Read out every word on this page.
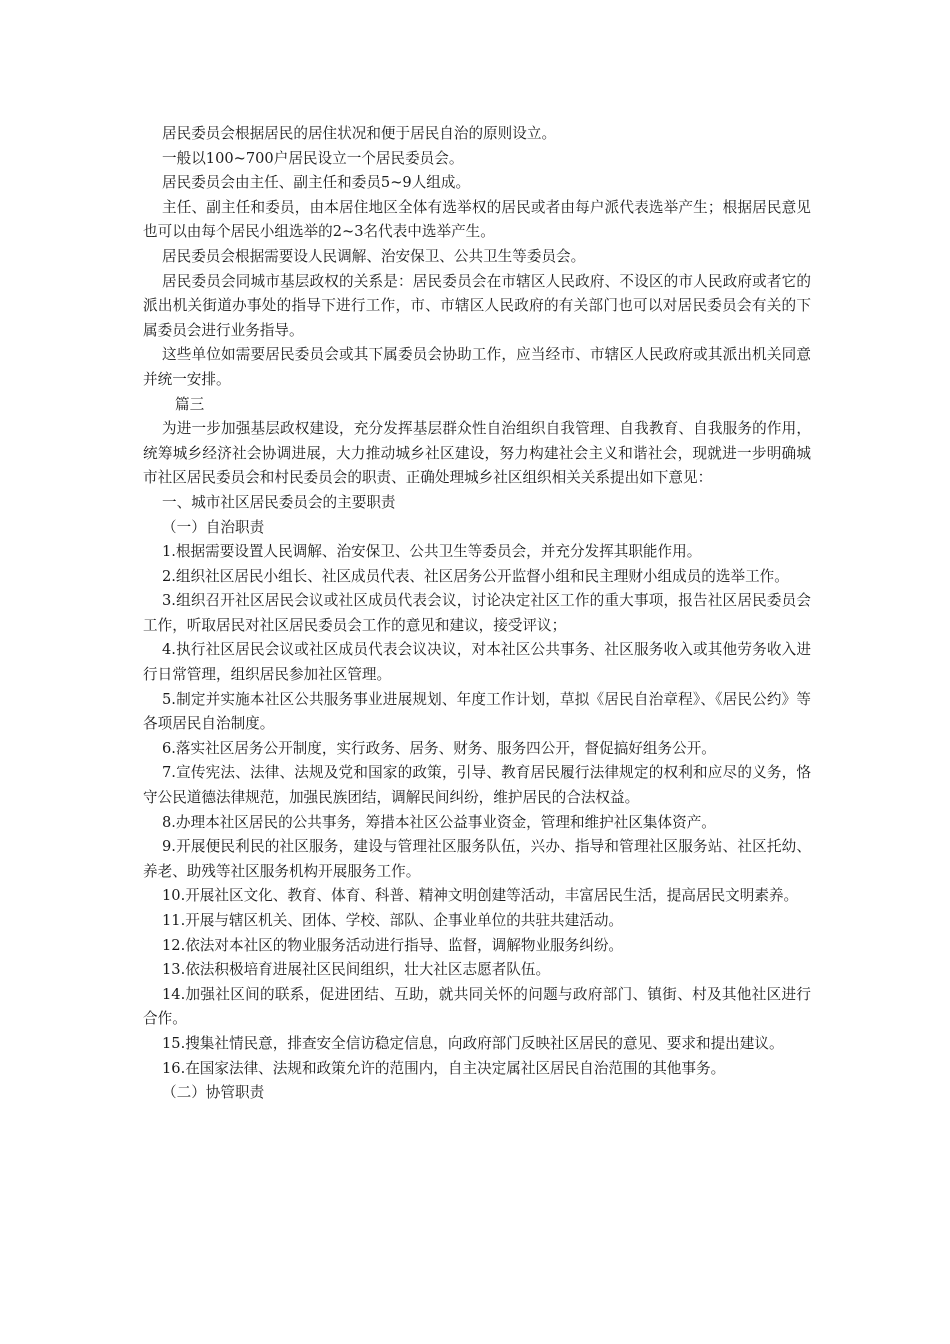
居民委员会根据居民的居住状况和便于居民自治的原则设立。

一般以100~700户居民设立一个居民委员会。

居民委员会由主任、副主任和委员5~9人组成。

主任、副主任和委员，由本居住地区全体有选举权的居民或者由每户派代表选举产生；根据居民意见也可以由每个居民小组选举的2~3名代表中选举产生。

居民委员会根据需要设人民调解、治安保卫、公共卫生等委员会。

居民委员会同城市基层政权的关系是：居民委员会在市辖区人民政府、不设区的市人民政府或者它的派出机关街道办事处的指导下进行工作，市、市辖区人民政府的有关部门也可以对居民委员会有关的下属委员会进行业务指导。

这些单位如需要居民委员会或其下属委员会协助工作，应当经市、市辖区人民政府或其派出机关同意并统一安排。

篇三

为进一步加强基层政权建设，充分发挥基层群众性自治组织自我管理、自我教育、自我服务的作用，统筹城乡经济社会协调进展，大力推动城乡社区建设，努力构建社会主义和谐社会，现就进一步明确城市社区居民委员会和村民委员会的职责、正确处理城乡社区组织相关关系提出如下意见：

一、城市社区居民委员会的主要职责

（一）自治职责

1.根据需要设置人民调解、治安保卫、公共卫生等委员会，并充分发挥其职能作用。

2.组织社区居民小组长、社区成员代表、社区居务公开监督小组和民主理财小组成员的选举工作。

3.组织召开社区居民会议或社区成员代表会议，讨论决定社区工作的重大事项，报告社区居民委员会工作，听取居民对社区居民委员会工作的意见和建议，接受评议；

4.执行社区居民会议或社区成员代表会议决议，对本社区公共事务、社区服务收入或其他劳务收入进行日常管理，组织居民参加社区管理。

5.制定并实施本社区公共服务事业进展规划、年度工作计划，草拟《居民自治章程》、《居民公约》等各项居民自治制度。

6.落实社区居务公开制度，实行政务、居务、财务、服务四公开，督促搞好组务公开。

7.宣传宪法、法律、法规及党和国家的政策，引导、教育居民履行法律规定的权利和应尽的义务，恪守公民道德法律规范，加强民族团结，调解民间纠纷，维护居民的合法权益。

8.办理本社区居民的公共事务，筹措本社区公益事业资金，管理和维护社区集体资产。

9.开展便民利民的社区服务，建设与管理社区服务队伍，兴办、指导和管理社区服务站、社区托幼、养老、助残等社区服务机构开展服务工作。

10.开展社区文化、教育、体育、科普、精神文明创建等活动，丰富居民生活，提高居民文明素养。

11.开展与辖区机关、团体、学校、部队、企事业单位的共驻共建活动。

12.依法对本社区的物业服务活动进行指导、监督，调解物业服务纠纷。

13.依法积极培育进展社区民间组织，壮大社区志愿者队伍。

14.加强社区间的联系，促进团结、互助，就共同关怀的问题与政府部门、镇街、村及其他社区进行合作。

15.搜集社情民意，排查安全信访稳定信息，向政府部门反映社区居民的意见、要求和提出建议。

16.在国家法律、法规和政策允许的范围内，自主决定属社区居民自治范围的其他事务。

（二）协管职责
